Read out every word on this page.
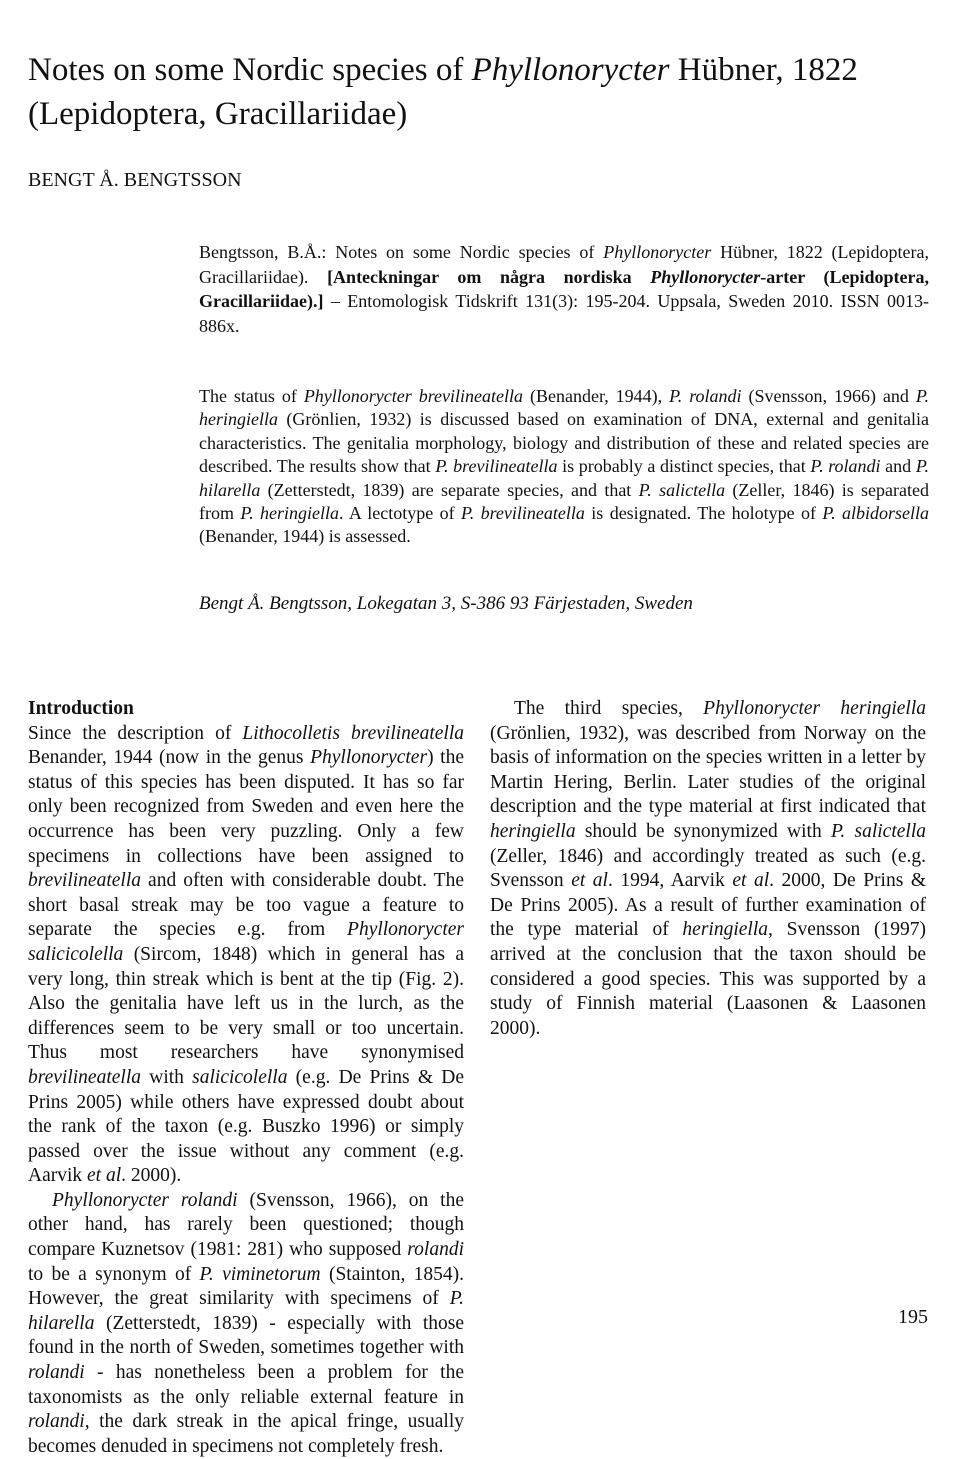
Notes on some Nordic species of Phyllonorycter Hübner, 1822 (Lepidoptera, Gracillariidae)
BENGT Å. BENGTSSON
Bengtsson, B.Å.: Notes on some Nordic species of Phyllonorycter Hübner, 1822 (Lepidoptera, Gracillariidae). [Anteckningar om några nordiska Phyllonorycter-arter (Lepidoptera, Gracillariidae).] – Entomologisk Tidskrift 131(3): 195-204. Uppsala, Sweden 2010. ISSN 0013-886x.
The status of Phyllonorycter brevilineatella (Benander, 1944), P. rolandi (Svensson, 1966) and P. heringiella (Grönlien, 1932) is discussed based on examination of DNA, external and genitalia characteristics. The genitalia morphology, biology and distribution of these and related species are described. The results show that P. brevilineatella is probably a distinct species, that P. rolandi and P. hilarella (Zetterstedt, 1839) are separate species, and that P. salictella (Zeller, 1846) is separated from P. heringiella. A lectotype of P. brevilineatella is designated. The holotype of P. albidorsella (Benander, 1944) is assessed.
Bengt Å. Bengtsson, Lokegatan 3, S-386 93 Färjestaden, Sweden

Introduction

Since the description of Lithocolletis brevilineatella Benander, 1944 (now in the genus Phyllonorycter) the status of this species has been disputed. It has so far only been recognized from Sweden and even here the occurrence has been very puzzling. Only a few specimens in collections have been assigned to brevilineatella and often with considerable doubt. The short basal streak may be too vague a feature to separate the species e.g. from Phyllonorycter salicicolella (Sircom, 1848) which in general has a very long, thin streak which is bent at the tip (Fig. 2). Also the genitalia have left us in the lurch, as the differences seem to be very small or too uncertain. Thus most researchers have synonymised brevilineatella with salicicolella (e.g. De Prins & De Prins 2005) while others have expressed doubt about the rank of the taxon (e.g. Buszko 1996) or simply passed over the issue without any comment (e.g. Aarvik et al. 2000).

Phyllonorycter rolandi (Svensson, 1966), on the other hand, has rarely been questioned; though compare Kuznetsov (1981: 281) who supposed rolandi to be a synonym of P. viminetorum (Stainton, 1854). However, the great similarity with specimens of P. hilarella (Zetterstedt, 1839) - especially with those found in the north of Sweden, sometimes together with rolandi - has nonetheless been a problem for the taxonomists as the only reliable external feature in rolandi, the dark streak in the apical fringe, usually becomes denuded in specimens not completely fresh.

The third species, Phyllonorycter heringiella (Grönlien, 1932), was described from Norway on the basis of information on the species written in a letter by Martin Hering, Berlin. Later studies of the original description and the type material at first indicated that heringiella should be synonymized with P. salictella (Zeller, 1846) and accordingly treated as such (e.g. Svensson et al. 1994, Aarvik et al. 2000, De Prins & De Prins 2005). As a result of further examination of the type material of heringiella, Svensson (1997) arrived at the conclusion that the taxon should be considered a good species. This was supported by a study of Finnish material (Laasonen & Laasonen 2000).

195
